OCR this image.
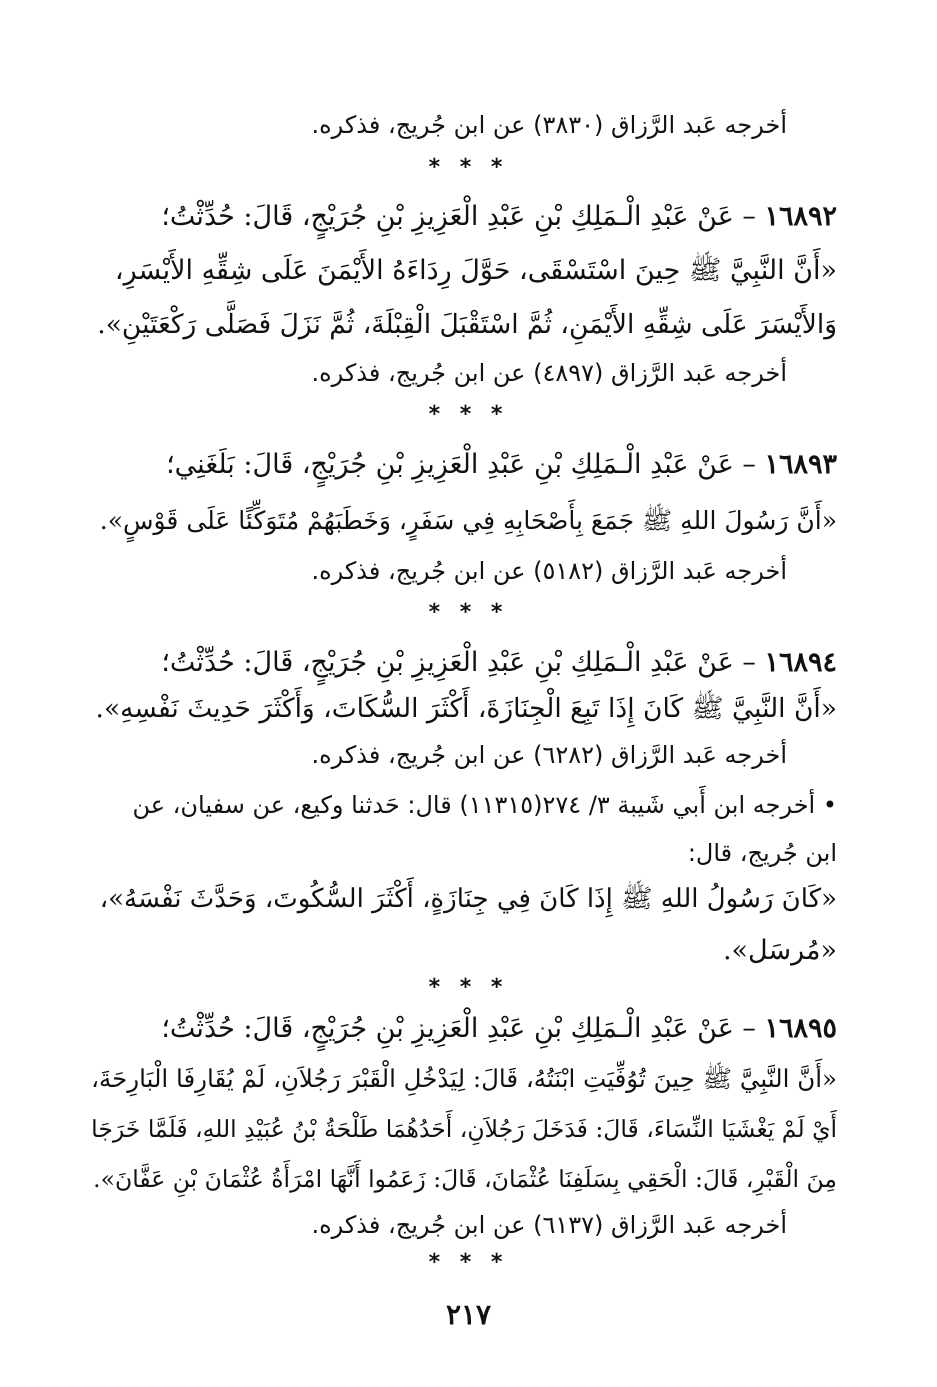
أخرجه عَبد الرَّزاق (٣٨٣٠) عن ابن جُريج، فذكره.
* * *
١٦٨٩٢ – عَنْ عَبْدِ الْـمَلِكِ بْنِ عَبْدِ الْعَزِيزِ بْنِ جُرَيْجٍ، قَالَ: حُدِّثْتُ؛
«أَنَّ النَّبِيَّ ﷺ حِينَ اسْتَسْقَى، حَوَّلَ رِدَاءَهُ الأَيْمَنَ عَلَى شِقِّهِ الأَيْسَرِ،
وَالأَيْسَرَ عَلَى شِقِّهِ الأَيْمَنِ، ثُمَّ اسْتَقْبَلَ الْقِبْلَةَ، ثُمَّ نَزَلَ فَصَلَّى رَكْعَتَيْنِ».
أخرجه عَبد الرَّزاق (٤٨٩٧) عن ابن جُريج، فذكره.
* * *
١٦٨٩٣ – عَنْ عَبْدِ الْـمَلِكِ بْنِ عَبْدِ الْعَزِيزِ بْنِ جُرَيْجٍ، قَالَ: بَلَغَنِي؛
«أَنَّ رَسُولَ اللهِ ﷺ جَمَعَ بِأَصْحَابِهِ فِي سَفَرٍ، وَخَطَبَهُمْ مُتَوَكِّئًا عَلَى قَوْسٍ».
أخرجه عَبد الرَّزاق (٥١٨٢) عن ابن جُريج، فذكره.
* * *
١٦٨٩٤ – عَنْ عَبْدِ الْـمَلِكِ بْنِ عَبْدِ الْعَزِيزِ بْنِ جُرَيْجٍ، قَالَ: حُدِّثْتُ؛
«أَنَّ النَّبِيَّ ﷺ كَانَ إِذَا تَبِعَ الْجِنَازَةَ، أَكْثَرَ السُّكَاتَ، وَأَكْثَرَ حَدِيثَ نَفْسِهِ».
أخرجه عَبد الرَّزاق (٦٢٨٢) عن ابن جُريج، فذكره.
• أخرجه ابن أَبي شَيبة ٣/ ٢٧٤(١١٣١٥) قال: حَدثنا وكيع، عن سفيان، عن
ابن جُريج، قال:
«كَانَ رَسُولُ اللهِ ﷺ إِذَا كَانَ فِي جِنَازَةٍ، أَكْثَرَ السُّكُوتَ، وَحَدَّثَ نَفْسَهُ»،
«مُرسَل».
* * *
١٦٨٩٥ – عَنْ عَبْدِ الْـمَلِكِ بْنِ عَبْدِ الْعَزِيزِ بْنِ جُرَيْجٍ، قَالَ: حُدِّثْتُ؛
«أَنَّ النَّبِيَّ ﷺ حِينَ تُوُفِّيَتِ ابْنَتُهُ، قَالَ: لِيَدْخُلِ الْقَبْرَ رَجُلاَنِ، لَمْ يُقَارِفَا الْبَارِحَةَ،
أَيْ لَمْ يَغْشَيَا النِّسَاءَ، قَالَ: فَدَخَلَ رَجُلاَنِ، أَحَدُهُمَا طَلْحَةُ بْنُ عُبَيْدِ اللهِ، فَلَمَّا خَرَجَا
مِنَ الْقَبْرِ، قَالَ: الْحَقِي بِسَلَفِنَا عُثْمَانَ، قَالَ: زَعَمُوا أَنَّهَا امْرَأَةُ عُثْمَانَ بْنِ عَفَّانَ».
أخرجه عَبد الرَّزاق (٦١٣٧) عن ابن جُريج، فذكره.
* * *
٢١٧
